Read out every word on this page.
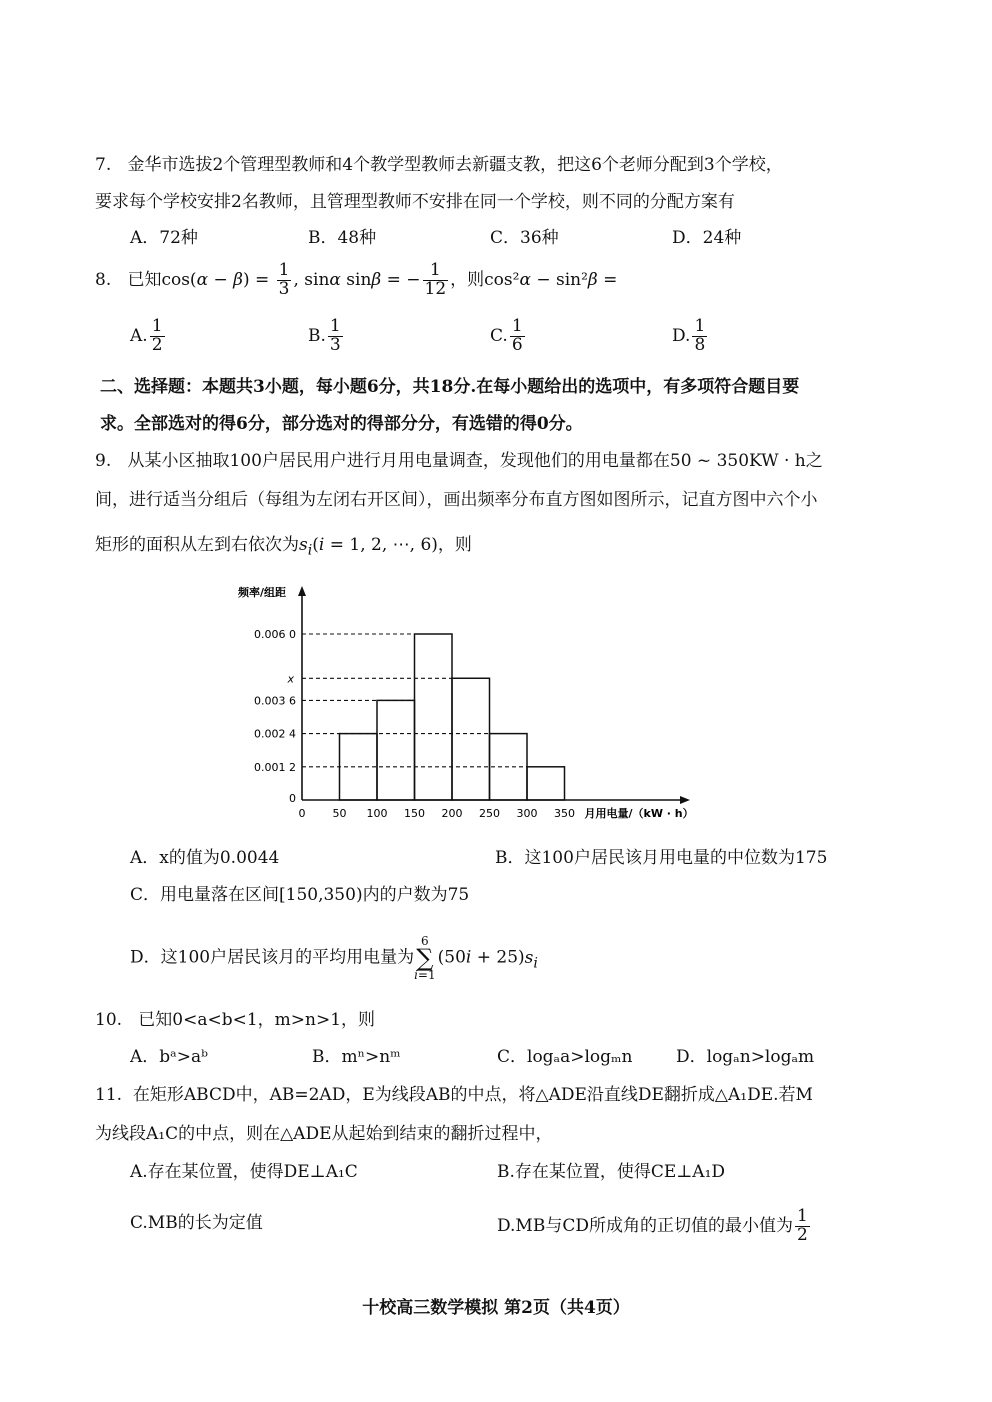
7. 金华市选拔2个管理型教师和4个教学型教师去新疆支教，把这6个老师分配到3个学校，
要求每个学校安排2名教师，且管理型教师不安排在同一个学校，则不同的分配方案有
A．72种	B．48种	C．36种	D．24种
8. 已知$\cos(\alpha - \beta) = \frac{1}{3}$ , sinα sinβ = − $\frac{1}{12}$ ，则cos²α − sin²β =
A. $\frac{1}{2}$	B. $\frac{1}{3}$	C. $\frac{1}{6}$	D. $\frac{1}{8}$
二、选择题：本题共3小题，每小题6分，共18分.在每小题给出的选项中，有多项符合题目要
求。全部选对的得6分，部分选对的得部分分，有选错的得0分。
9. 从某小区抽取100户居民用户进行月用电量调查，发现他们的用电量都在50 ~ 350KW · h之
间，进行适当分组后（每组为左闭右开区间），画出频率分布直方图如图所示，记直方图中六个小
矩形的面积从左到右依次为$s_i(i = 1$, 2, ⋯, 6)，则
频率/组距
月用电量/（kW · h）
0 50 100 150 200 250 300 350
0
0.001 2
0.002 4
0.003 6
x
0.006 0
A．x的值为0.0044	B．这100户居民该月用电量的中位数为175
C．用电量落在区间[150,350)内的户数为75
D．这100户居民该月的平均用电量为6
∑
$i=1(50i + 25)s_i$
10. 已知0<a<b<1，m>n>1，则
A．bᵃ>aᵇ	B．mⁿ>nᵐ	C．logₐa>logₘn	D．logₐn>logₐm
11. 在矩形ABCD中，AB=2AD，E为线段AB的中点，将△ADE沿直线DE翻折成△A₁DE.若M
为线段A₁C的中点，则在△ADE从起始到结束的翻折过程中，
A.存在某位置，使得DE⊥A₁C	B.存在某位置，使得CE⊥A₁D
C.MB的长为定值	D.MB与CD所成角的正切值的最小值为 $\frac{1}{2}$
十校高三数学模拟 第2页（共4页）
